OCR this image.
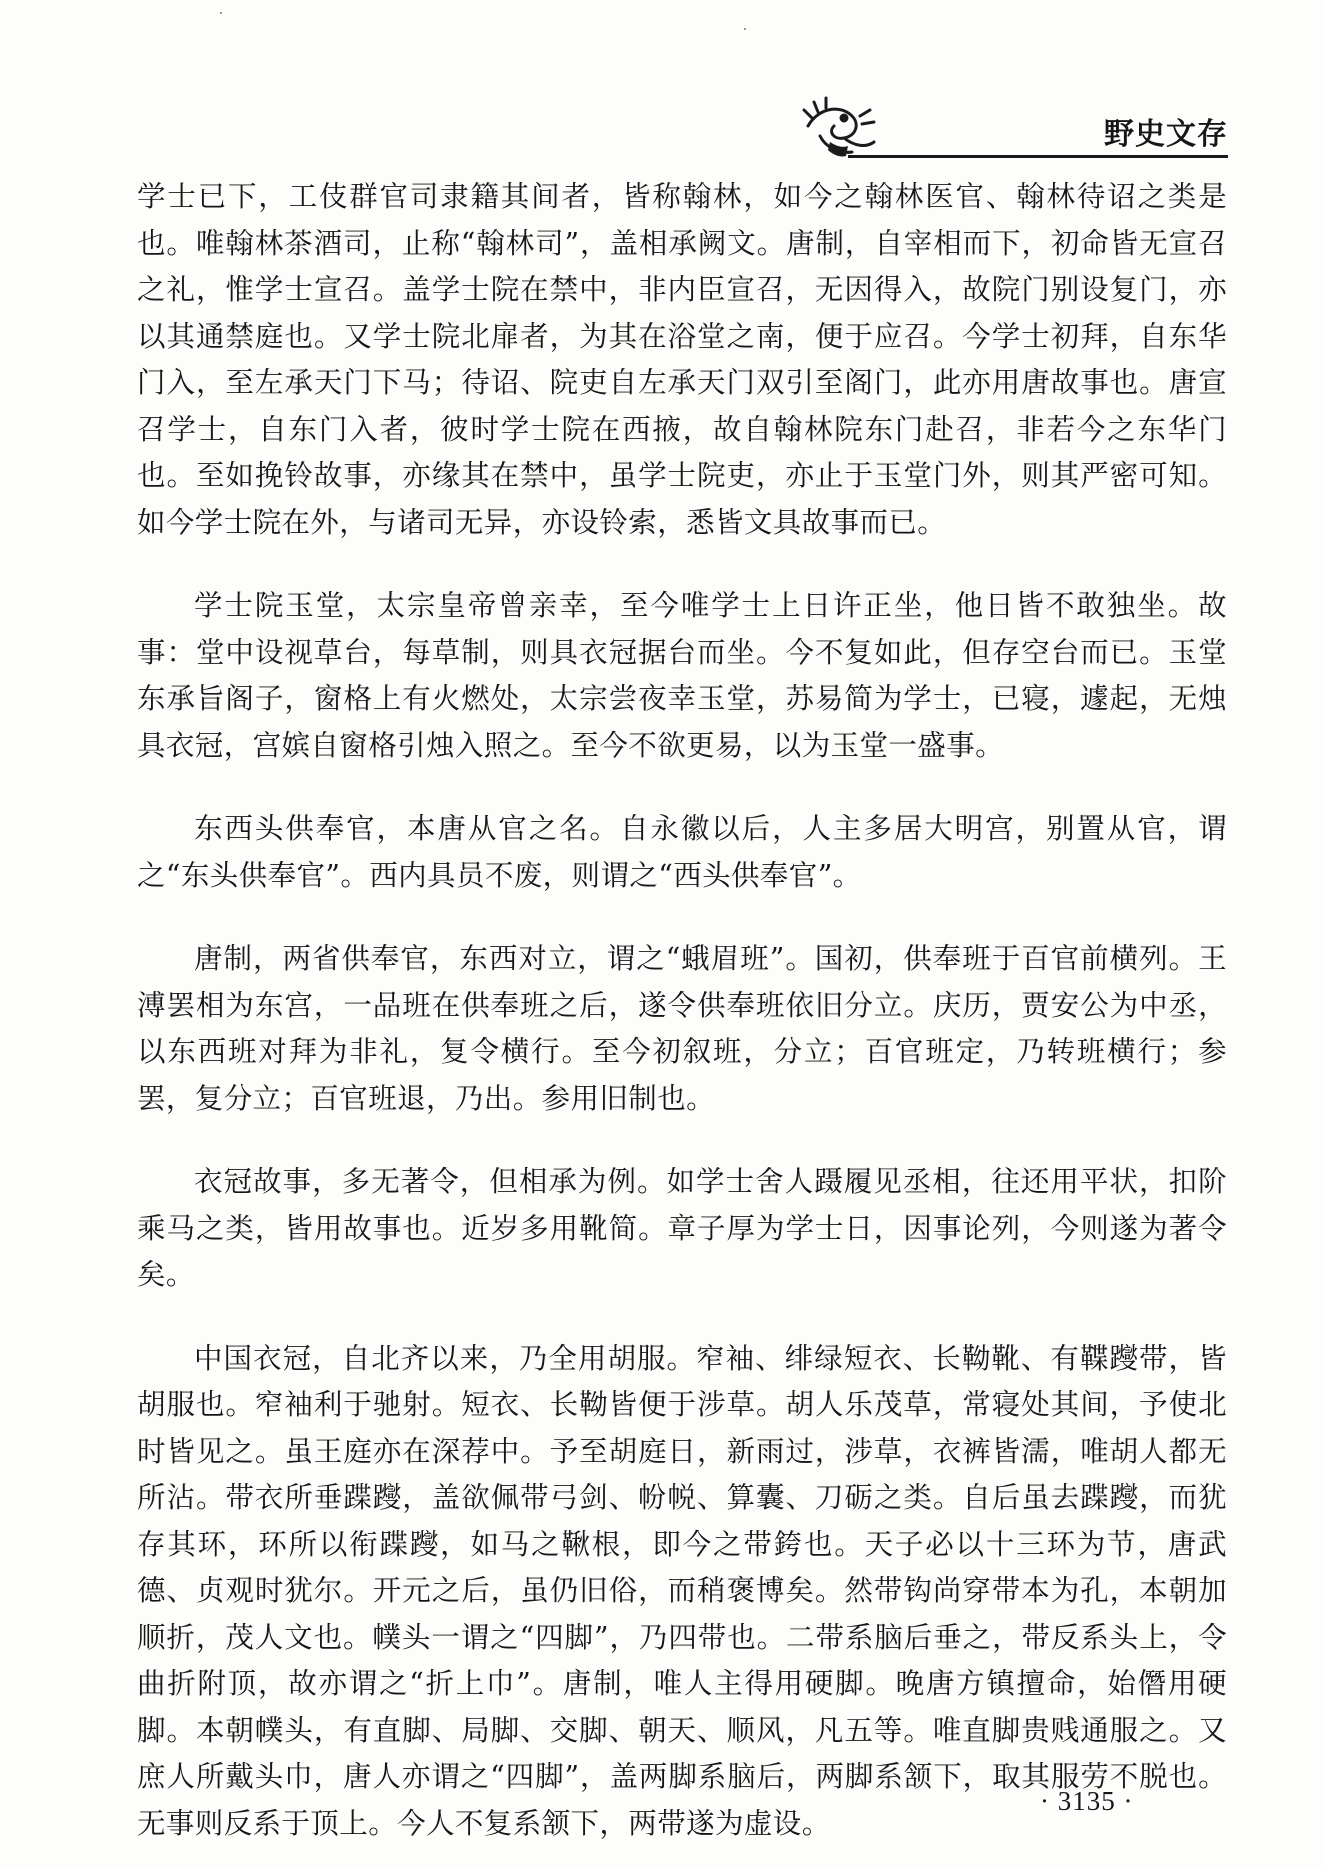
野史文存

学士已下，工伎群官司隶籍其间者，皆称翰林，如今之翰林医官、翰林待诏之类是也。唯翰林茶酒司，止称“翰林司”，盖相承阙文。唐制，自宰相而下，初命皆无宣召之礼，惟学士宣召。盖学士院在禁中，非内臣宣召，无因得入，故院门别设复门，亦以其通禁庭也。又学士院北扉者，为其在浴堂之南，便于应召。今学士初拜，自东华门入，至左承天门下马；待诏、院吏自左承天门双引至阁门，此亦用唐故事也。唐宣召学士，自东门入者，彼时学士院在西掖，故自翰林院东门赴召，非若今之东华门也。至如挽铃故事，亦缘其在禁中，虽学士院吏，亦止于玉堂门外，则其严密可知。如今学士院在外，与诸司无异，亦设铃索，悉皆文具故事而已。

学士院玉堂，太宗皇帝曾亲幸，至今唯学士上日许正坐，他日皆不敢独坐。故事：堂中设视草台，每草制，则具衣冠据台而坐。今不复如此，但存空台而已。玉堂东承旨阁子，窗格上有火燃处，太宗尝夜幸玉堂，苏易简为学士，已寝，遽起，无烛具衣冠，宫嫔自窗格引烛入照之。至今不欲更易，以为玉堂一盛事。

东西头供奉官，本唐从官之名。自永徽以后，人主多居大明宫，别置从官，谓之“东头供奉官”。西内具员不废，则谓之“西头供奉官”。

唐制，两省供奉官，东西对立，谓之“蛾眉班”。国初，供奉班于百官前横列。王溥罢相为东宫，一品班在供奉班之后，遂令供奉班依旧分立。庆历，贾安公为中丞，以东西班对拜为非礼，复令横行。至今初叙班，分立；百官班定，乃转班横行；参罢，复分立；百官班退，乃出。参用旧制也。

衣冠故事，多无著令，但相承为例。如学士舍人蹑履见丞相，往还用平状，扣阶乘马之类，皆用故事也。近岁多用靴简。章子厚为学士日，因事论列，今则遂为著令矣。

中国衣冠，自北齐以来，乃全用胡服。窄袖、绯绿短衣、长靿靴、有鞢躞带，皆胡服也。窄袖利于驰射。短衣、长靿皆便于涉草。胡人乐茂草，常寝处其间，予使北时皆见之。虽王庭亦在深荐中。予至胡庭日，新雨过，涉草，衣裤皆濡，唯胡人都无所沾。带衣所垂蹀躞，盖欲佩带弓剑、帉帨、算囊、刀砺之类。自后虽去蹀躞，而犹存其环，环所以衔蹀躞，如马之鞦根，即今之带銙也。天子必以十三环为节，唐武德、贞观时犹尔。开元之后，虽仍旧俗，而稍褒博矣。然带钩尚穿带本为孔，本朝加顺折，茂人文也。幞头一谓之“四脚”，乃四带也。二带系脑后垂之，带反系头上，令曲折附顶，故亦谓之“折上巾”。唐制，唯人主得用硬脚。晚唐方镇擅命，始僭用硬脚。本朝幞头，有直脚、局脚、交脚、朝天、顺风，凡五等。唯直脚贵贱通服之。又庶人所戴头巾，唐人亦谓之“四脚”，盖两脚系脑后，两脚系颔下，取其服劳不脱也。无事则反系于顶上。今人不复系颔下，两带遂为虚设。

· 3135 ·
